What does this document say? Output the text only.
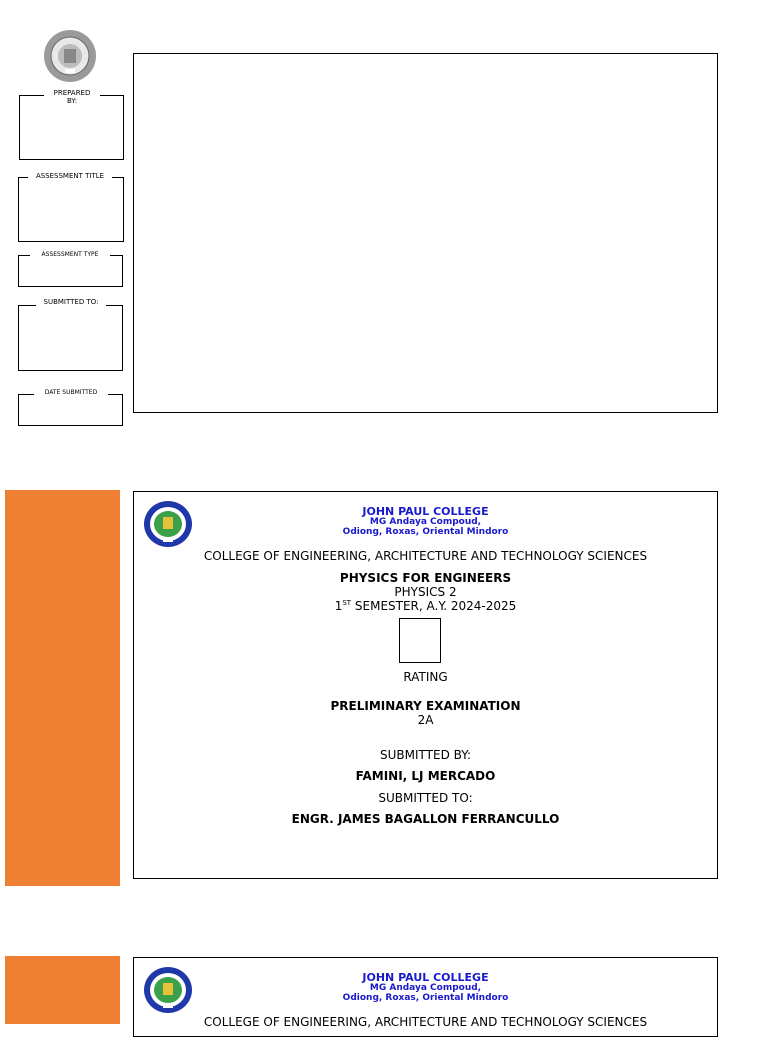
PREPARED
BY:
ASSESSMENT TITLE
ASSESSMENT TYPE
SUBMITTED TO:
DATE SUBMITTED
JOHN PAUL COLLEGE
MG Andaya Compoud,
Odiong, Roxas, Oriental Mindoro
COLLEGE OF ENGINEERING, ARCHITECTURE AND TECHNOLOGY SCIENCES
PHYSICS FOR ENGINEERS
PHYSICS 2
1ST SEMESTER, A.Y. 2024-2025
RATING
PRELIMINARY EXAMINATION
2A
SUBMITTED BY:
FAMINI, LJ MERCADO
SUBMITTED TO:
ENGR. JAMES BAGALLON FERRANCULLO
JOHN PAUL COLLEGE
MG Andaya Compoud,
Odiong, Roxas, Oriental Mindoro
COLLEGE OF ENGINEERING, ARCHITECTURE AND TECHNOLOGY SCIENCES
